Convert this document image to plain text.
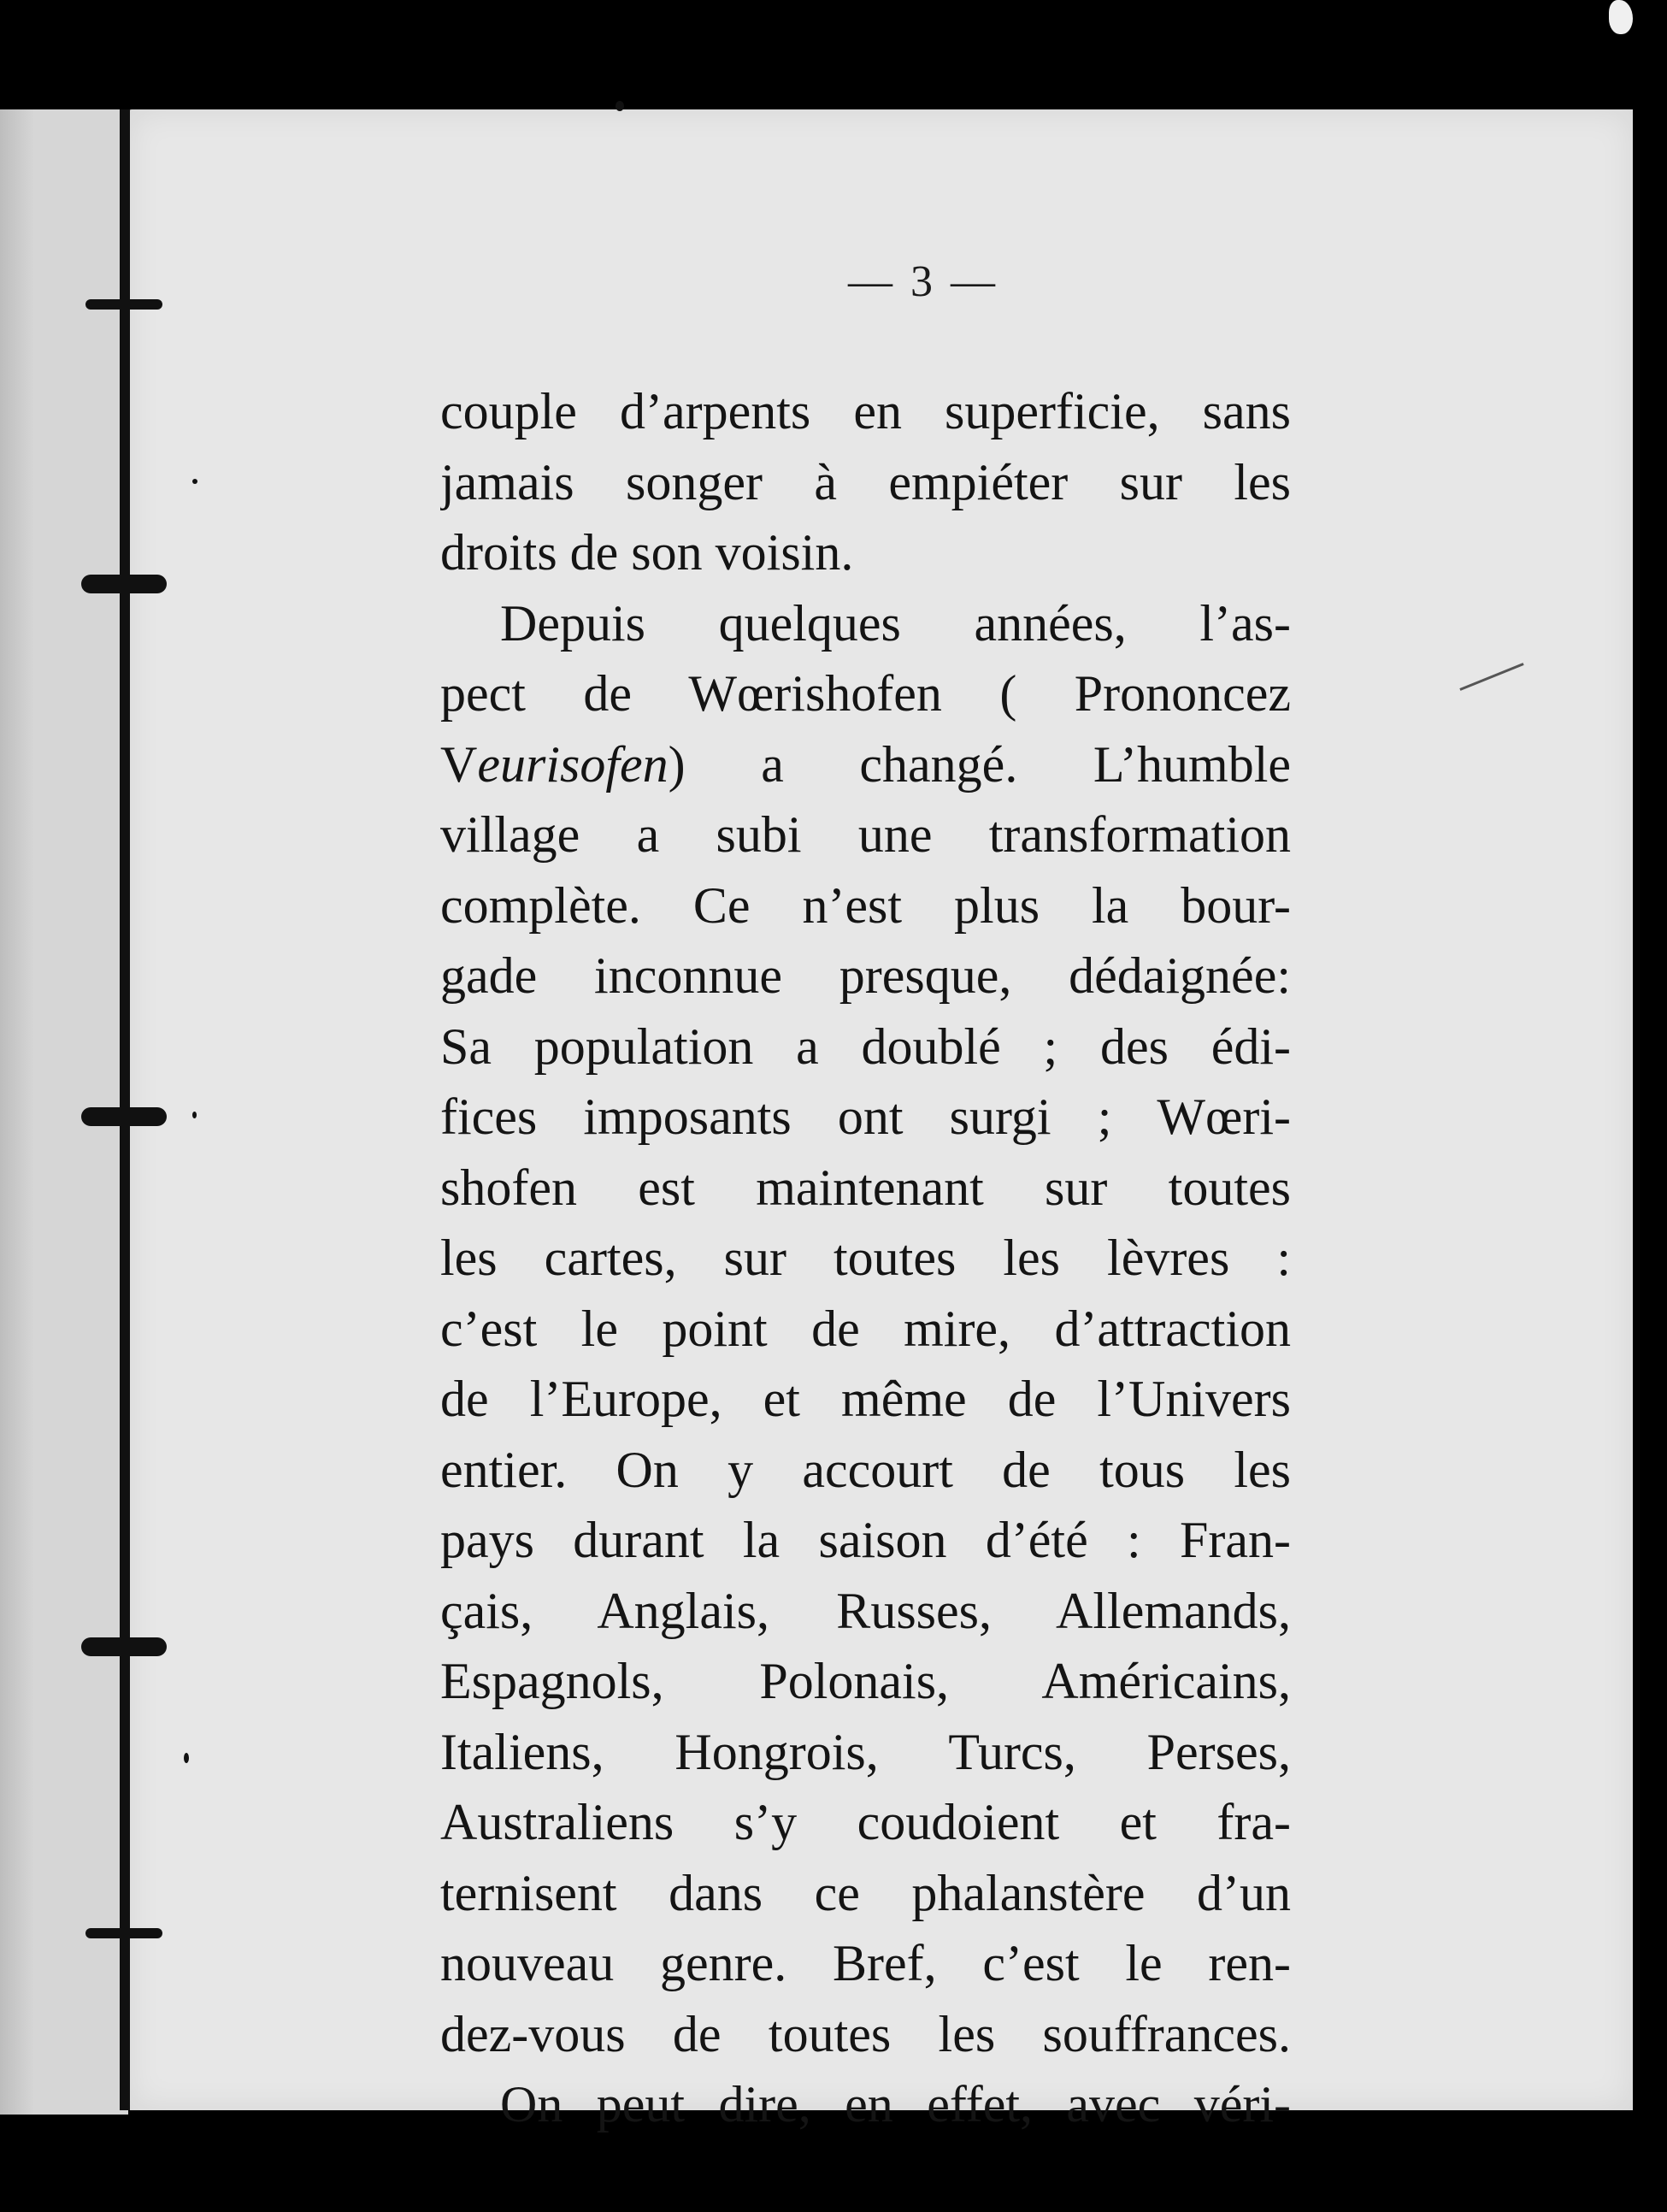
— 3 —
couple d’arpents en superficie, sans
jamais songer à empiéter sur les
droits de son voisin.
Depuis quelques années, l’as-
pect de Wœrishofen ( Prononcez
Veurisofen) a changé. L’humble
village a subi une transformation
complète. Ce n’est plus la bour-
gade inconnue presque, dédaignée:
Sa population a doublé ; des édi-
fices imposants ont surgi ; Wœri-
shofen est maintenant sur toutes
les cartes, sur toutes les lèvres :
c’est le point de mire, d’attraction
de l’Europe, et même de l’Univers
entier. On y accourt de tous les
pays durant la saison d’été : Fran-
çais, Anglais, Russes, Allemands,
Espagnols, Polonais, Américains,
Italiens, Hongrois, Turcs, Perses,
Australiens s’y coudoient et fra-
ternisent dans ce phalanstère d’un
nouveau genre. Bref, c’est le ren-
dez-vous de toutes les souffrances.
On peut dire, en effet, avec véri-
